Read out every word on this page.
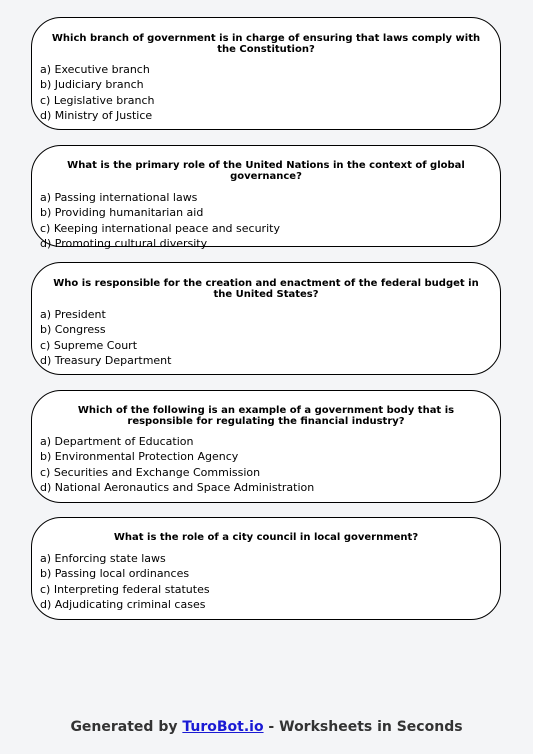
Which branch of government is in charge of ensuring that laws comply with the Constitution?

a) Executive branch
b) Judiciary branch
c) Legislative branch
d) Ministry of Justice

What is the primary role of the United Nations in the context of global governance?

a) Passing international laws
b) Providing humanitarian aid
c) Keeping international peace and security
d) Promoting cultural diversity

Who is responsible for the creation and enactment of the federal budget in the United States?

a) President
b) Congress
c) Supreme Court
d) Treasury Department

Which of the following is an example of a government body that is responsible for regulating the financial industry?

a) Department of Education
b) Environmental Protection Agency
c) Securities and Exchange Commission
d) National Aeronautics and Space Administration

What is the role of a city council in local government?

a) Enforcing state laws
b) Passing local ordinances
c) Interpreting federal statutes
d) Adjudicating criminal cases
Generated by TuroBot.io - Worksheets in Seconds
